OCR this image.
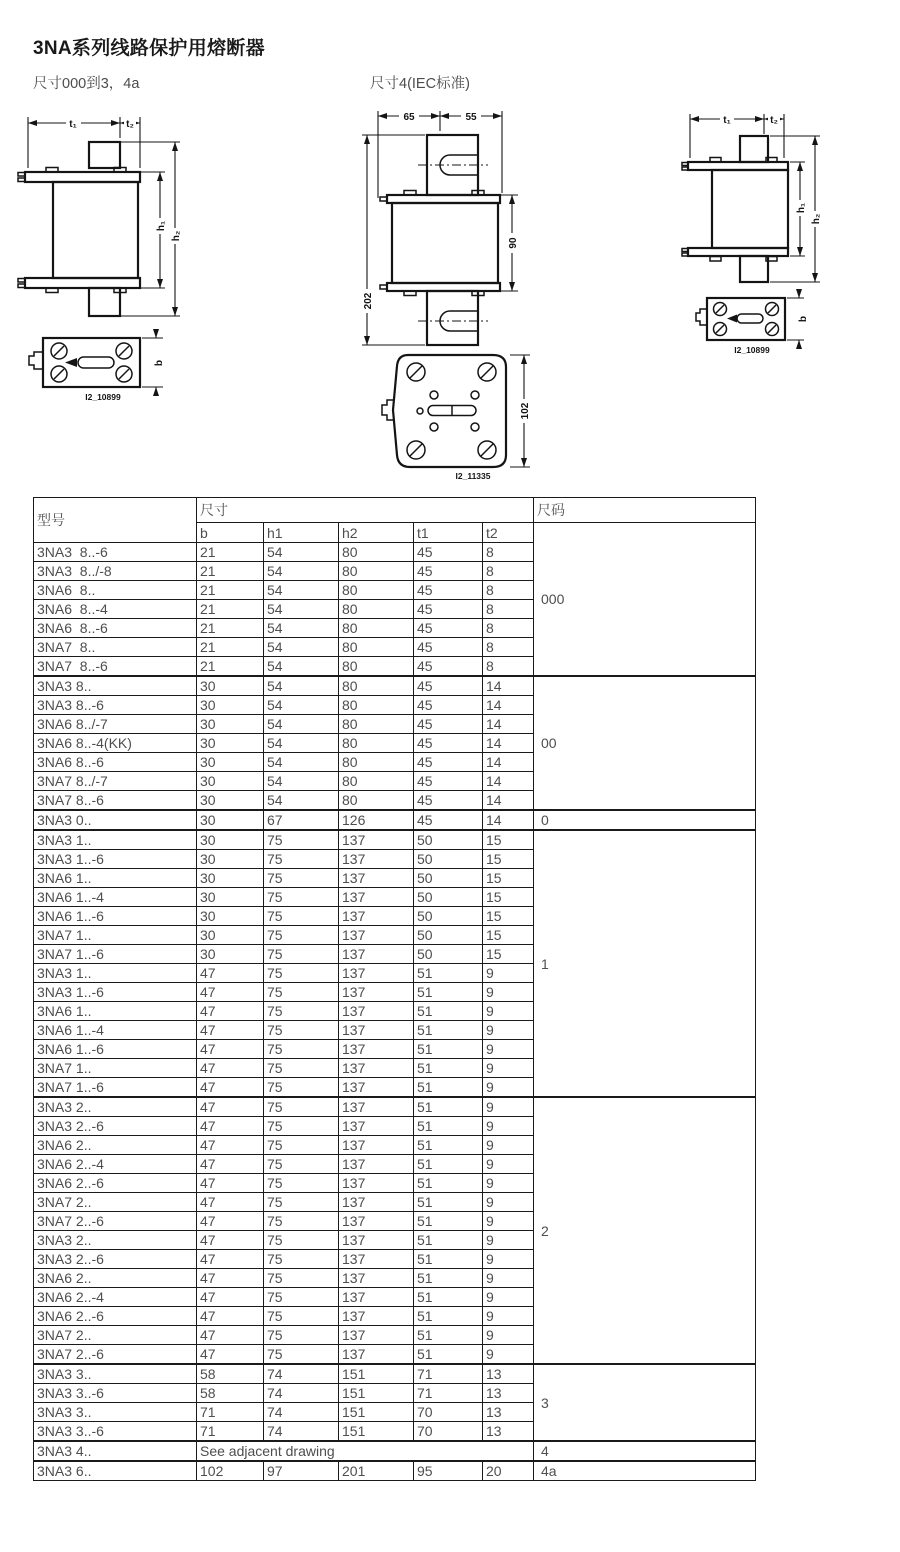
3NA系列线路保护用熔断器
尺寸000到3，4a	尺寸4(IEC标准)
t₁	t₂
h₁
h₂
b
I2_10899
65	55
202
90
102
I2_11335
t₁	t₂
h₁
h₂
b
I2_10899
型号	尺寸					尺码
	b	h1	h2	t1	t2	000
3NA3  8..-6	21	54	80	45	8	
3NA3  8../-8	21	54	80	45	8	
3NA6  8..	21	54	80	45	8	
3NA6  8..-4	21	54	80	45	8	
3NA6  8..-6	21	54	80	45	8	
3NA7  8..	21	54	80	45	8	
3NA7  8..-6	21	54	80	45	8	
3NA3 8..	30	54	80	45	14	00
3NA3 8..-6	30	54	80	45	14	
3NA6 8../-7	30	54	80	45	14	
3NA6 8..-4(KK)	30	54	80	45	14	
3NA6 8..-6	30	54	80	45	14	
3NA7 8../-7	30	54	80	45	14	
3NA7 8..-6	30	54	80	45	14	
3NA3 0..	30	67	126	45	14	0
3NA3 1..	30	75	137	50	15	1
3NA3 1..-6	30	75	137	50	15	
3NA6 1..	30	75	137	50	15	
3NA6 1..-4	30	75	137	50	15	
3NA6 1..-6	30	75	137	50	15	
3NA7 1..	30	75	137	50	15	
3NA7 1..-6	30	75	137	50	15	
3NA3 1..	47	75	137	51	9	
3NA3 1..-6	47	75	137	51	9	
3NA6 1..	47	75	137	51	9	
3NA6 1..-4	47	75	137	51	9	
3NA6 1..-6	47	75	137	51	9	
3NA7 1..	47	75	137	51	9	
3NA7 1..-6	47	75	137	51	9	
3NA3 2..	47	75	137	51	9	2
3NA3 2..-6	47	75	137	51	9	
3NA6 2..	47	75	137	51	9	
3NA6 2..-4	47	75	137	51	9	
3NA6 2..-6	47	75	137	51	9	
3NA7 2..	47	75	137	51	9	
3NA7 2..-6	47	75	137	51	9	
3NA3 2..	47	75	137	51	9	
3NA3 2..-6	47	75	137	51	9	
3NA6 2..	47	75	137	51	9	
3NA6 2..-4	47	75	137	51	9	
3NA6 2..-6	47	75	137	51	9	
3NA7 2..	47	75	137	51	9	
3NA7 2..-6	47	75	137	51	9	
3NA3 3..	58	74	151	71	13	3
3NA3 3..-6	58	74	151	71	13	
3NA3 3..	71	74	151	70	13	
3NA3 3..-6	71	74	151	70	13	
3NA3 4..	See adjacent drawing					4
3NA3 6..	102	97	201	95	20	4a
